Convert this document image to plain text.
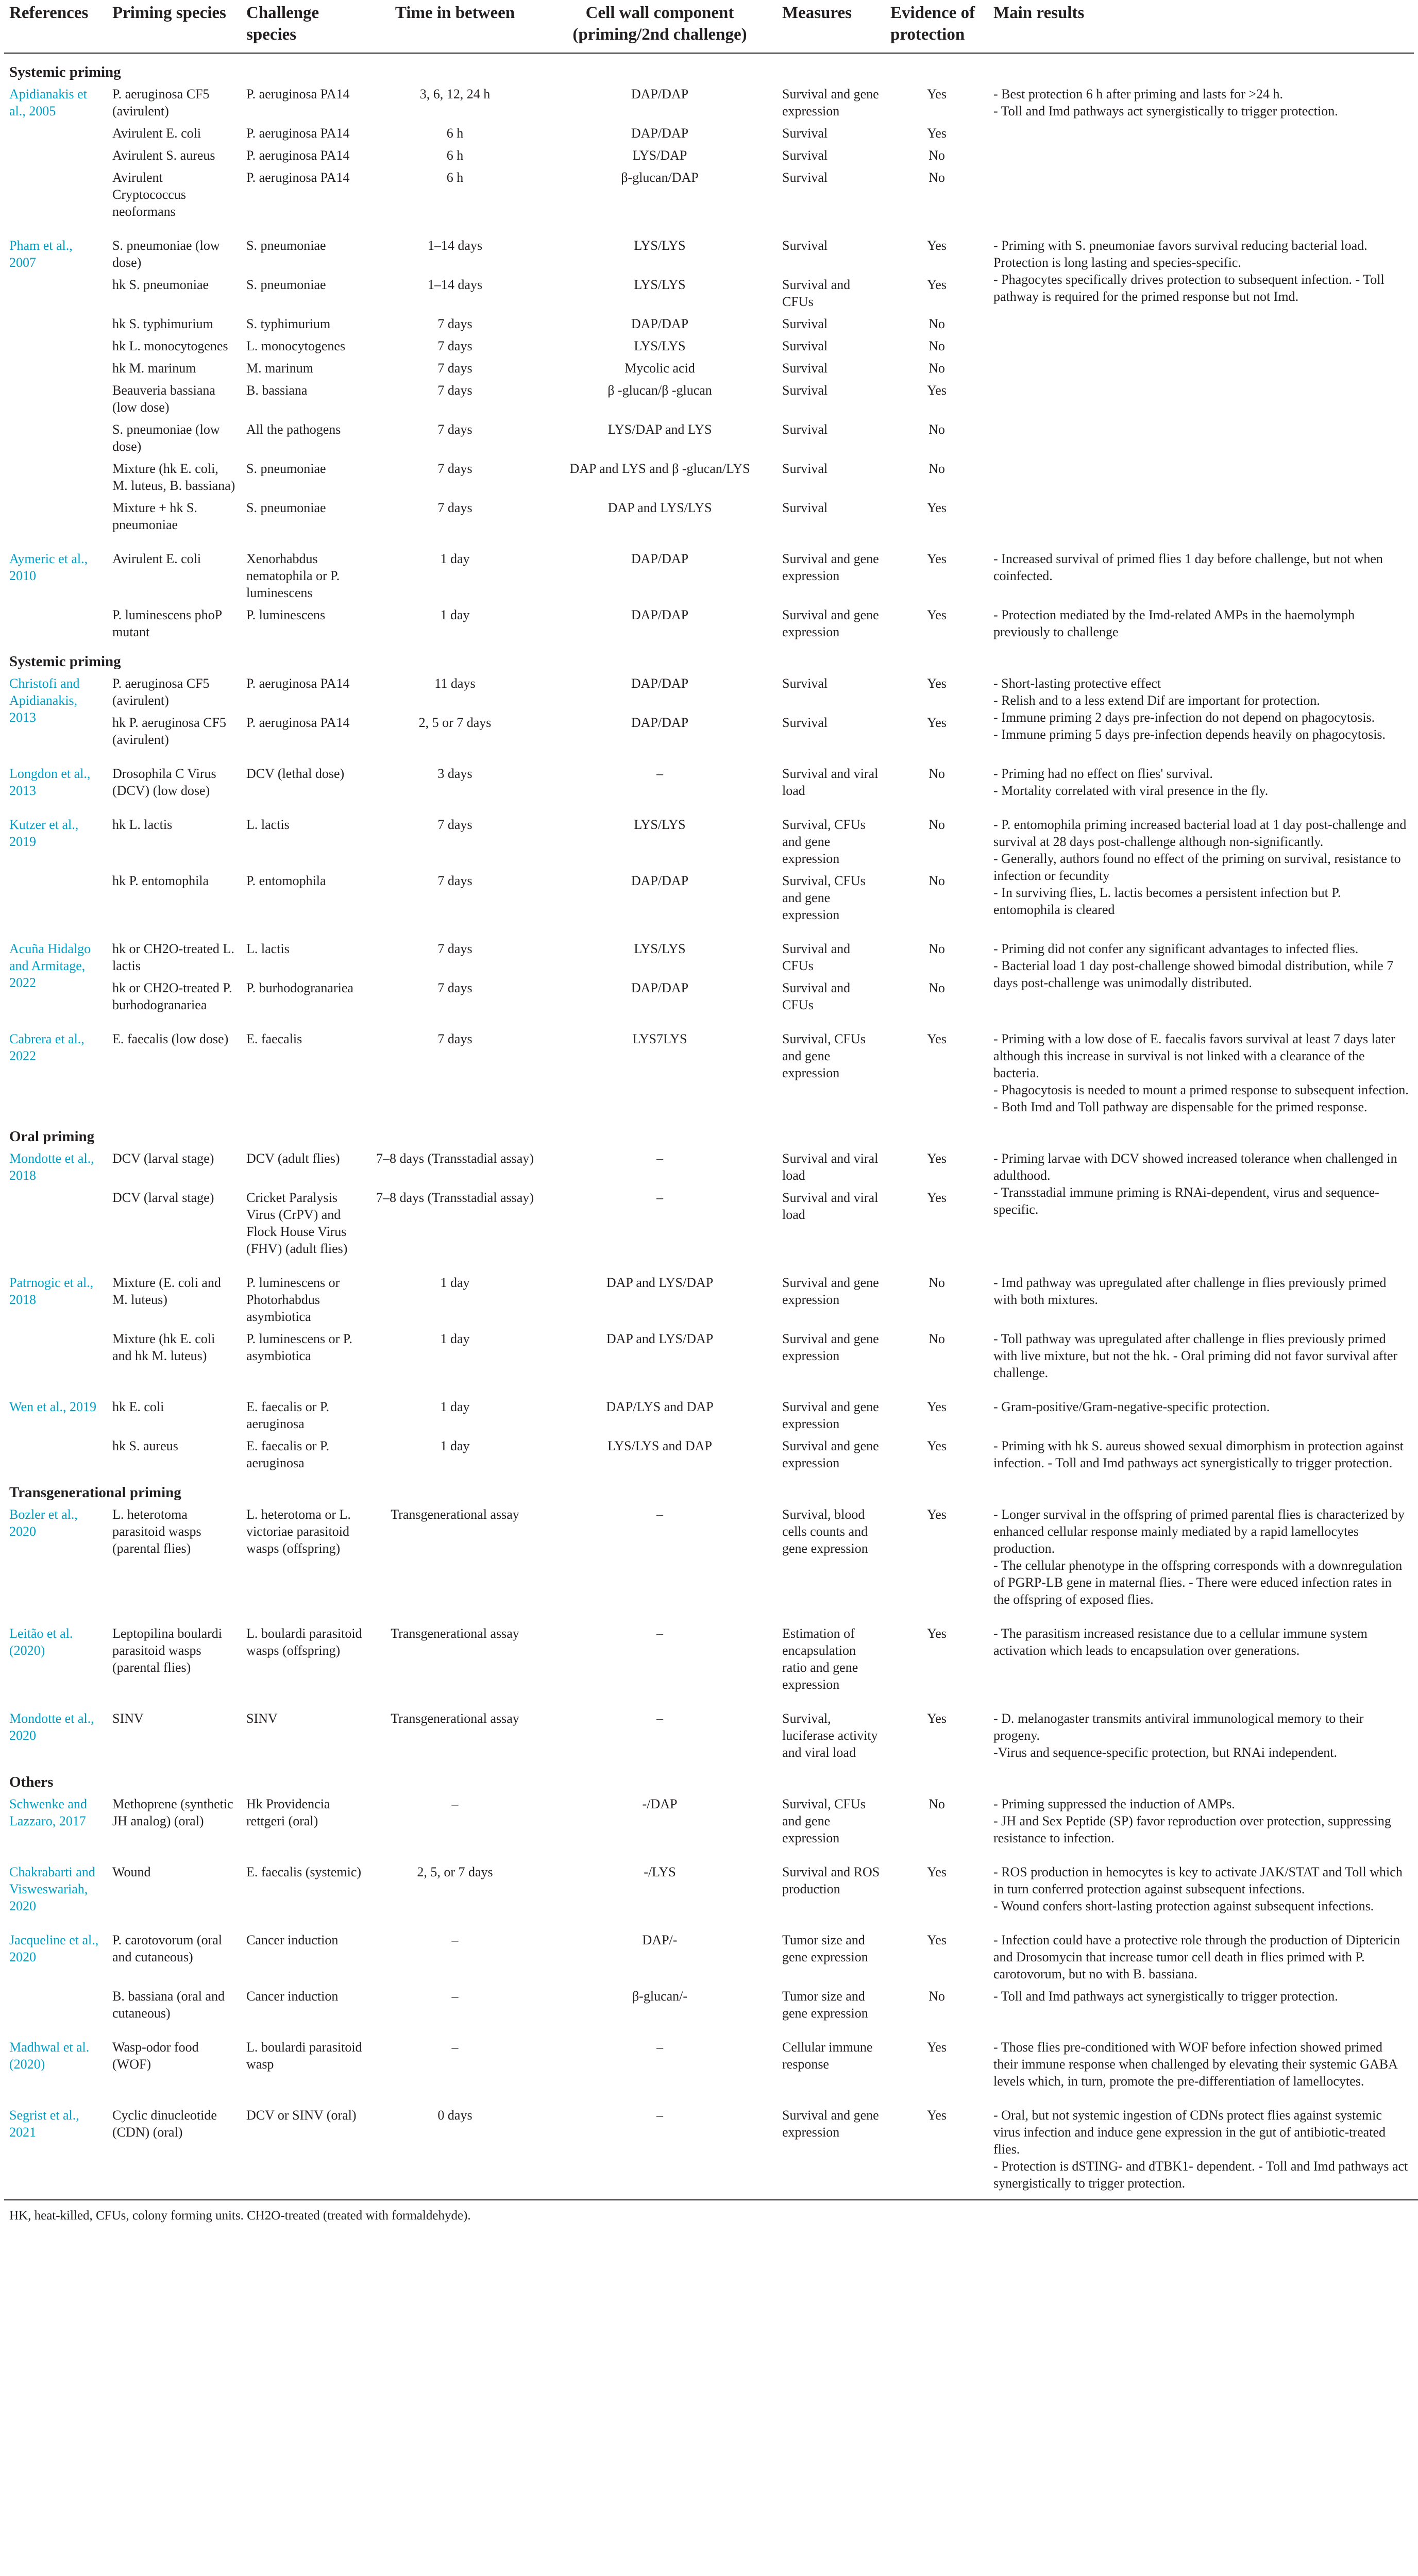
References	Priming species	Challenge species	Time in between	Cell wall component (priming/2nd challenge)	Measures	Evidence of protection	Main results
Systemic priming							
Apidianakis et al., 2005	P. aeruginosa CF5 (avirulent)	P. aeruginosa PA14	3, 6, 12, 24 h	DAP/DAP	Survival and gene expression	Yes	- Best protection 6 h after priming and lasts for >24 h.
- Toll and Imd pathways act synergistically to trigger protection.
	Avirulent E. coli	P. aeruginosa PA14	6 h	DAP/DAP	Survival	Yes	
	Avirulent S. aureus	P. aeruginosa PA14	6 h	LYS/DAP	Survival	No	
	Avirulent Cryptococcus neoformans	P. aeruginosa PA14	6 h	β-glucan/DAP	Survival	No	
Pham et al., 2007	S. pneumoniae (low dose)	S. pneumoniae	1–14 days	LYS/LYS	Survival	Yes	- Priming with S. pneumoniae favors survival reducing bacterial load. Protection is long lasting and species-specific.
- Phagocytes specifically drives protection to subsequent infection. - Toll pathway is required for the primed response but not Imd.
	hk S. pneumoniae	S. pneumoniae	1–14 days	LYS/LYS	Survival and CFUs	Yes	
	hk S. typhimurium	S. typhimurium	7 days	DAP/DAP	Survival	No	
	hk L. monocytogenes	L. monocytogenes	7 days	LYS/LYS	Survival	No	
	hk M. marinum	M. marinum	7 days	Mycolic acid	Survival	No	
	Beauveria bassiana (low dose)	B. bassiana	7 days	β -glucan/β -glucan	Survival	Yes	
	S. pneumoniae (low dose)	All the pathogens	7 days	LYS/DAP and LYS	Survival	No	
	Mixture (hk E. coli, M. luteus, B. bassiana)	S. pneumoniae	7 days	DAP and LYS and β -glucan/LYS	Survival	No	
	Mixture + hk S. pneumoniae	S. pneumoniae	7 days	DAP and LYS/LYS	Survival	Yes	
Aymeric et al., 2010	Avirulent E. coli	Xenorhabdus nematophila or P. luminescens	1 day	DAP/DAP	Survival and gene expression	Yes	- Increased survival of primed flies 1 day before challenge, but not when coinfected.
	P. luminescens phoP mutant	P. luminescens	1 day	DAP/DAP	Survival and gene expression	Yes	- Protection mediated by the Imd-related AMPs in the haemolymph previously to challenge
Systemic priming							
Christofi and Apidianakis, 2013	P. aeruginosa CF5 (avirulent)	P. aeruginosa PA14	11 days	DAP/DAP	Survival	Yes	- Short-lasting protective effect
- Relish and to a less extend Dif are important for protection.
- Immune priming 2 days pre-infection do not depend on phagocytosis.
- Immune priming 5 days pre-infection depends heavily on phagocytosis.
	hk P. aeruginosa CF5 (avirulent)	P. aeruginosa PA14	2, 5 or 7 days	DAP/DAP	Survival	Yes	
Longdon et al., 2013	Drosophila C Virus (DCV) (low dose)	DCV (lethal dose)	3 days	–	Survival and viral load	No	- Priming had no effect on flies' survival.
- Mortality correlated with viral presence in the fly.
Kutzer et al., 2019	hk L. lactis	L. lactis	7 days	LYS/LYS	Survival, CFUs and gene expression	No	- P. entomophila priming increased bacterial load at 1 day post-challenge and survival at 28 days post-challenge although non-significantly.
- Generally, authors found no effect of the priming on survival, resistance to infection or fecundity
- In surviving flies, L. lactis becomes a persistent infection but P. entomophila is cleared
	hk P. entomophila	P. entomophila	7 days	DAP/DAP	Survival, CFUs and gene expression	No	
Acuña Hidalgo and Armitage, 2022	hk or CH2O-treated L. lactis	L. lactis	7 days	LYS/LYS	Survival and CFUs	No	- Priming did not confer any significant advantages to infected flies.
- Bacterial load 1 day post-challenge showed bimodal distribution, while 7 days post-challenge was unimodally distributed.
	hk or CH2O-treated P. burhodogranariea	P. burhodogranariea	7 days	DAP/DAP	Survival and CFUs	No	
Cabrera et al., 2022	E. faecalis (low dose)	E. faecalis	7 days	LYS7LYS	Survival, CFUs and gene expression	Yes	- Priming with a low dose of E. faecalis favors survival at least 7 days later although this increase in survival is not linked with a clearance of the bacteria.
- Phagocytosis is needed to mount a primed response to subsequent infection. - Both Imd and Toll pathway are dispensable for the primed response.
Oral priming							
Mondotte et al., 2018	DCV (larval stage)	DCV (adult flies)	7–8 days (Transstadial assay)	–	Survival and viral load	Yes	- Priming larvae with DCV showed increased tolerance when challenged in adulthood.
- Transstadial immune priming is RNAi-dependent, virus and sequence-specific.
	DCV (larval stage)	Cricket Paralysis Virus (CrPV) and Flock House Virus (FHV) (adult flies)	7–8 days (Transstadial assay)	–	Survival and viral load	Yes	
Patrnogic et al., 2018	Mixture (E. coli and M. luteus)	P. luminescens or Photorhabdus asymbiotica	1 day	DAP and LYS/DAP	Survival and gene expression	No	- Imd pathway was upregulated after challenge in flies previously primed with both mixtures.
	Mixture (hk E. coli and hk M. luteus)	P. luminescens or P. asymbiotica	1 day	DAP and LYS/DAP	Survival and gene expression	No	- Toll pathway was upregulated after challenge in flies previously primed with live mixture, but not the hk. - Oral priming did not favor survival after challenge.
Wen et al., 2019	hk E. coli	E. faecalis or P. aeruginosa	1 day	DAP/LYS and DAP	Survival and gene expression	Yes	- Gram-positive/Gram-negative-specific protection.
	hk S. aureus	E. faecalis or P. aeruginosa	1 day	LYS/LYS and DAP	Survival and gene expression	Yes	- Priming with hk S. aureus showed sexual dimorphism in protection against infection. - Toll and Imd pathways act synergistically to trigger protection.
Transgenerational priming							
Bozler et al., 2020	L. heterotoma parasitoid wasps (parental flies)	L. heterotoma or L. victoriae parasitoid wasps (offspring)	Transgenerational assay	–	Survival, blood cells counts and gene expression	Yes	- Longer survival in the offspring of primed parental flies is characterized by enhanced cellular response mainly mediated by a rapid lamellocytes production.
- The cellular phenotype in the offspring corresponds with a downregulation of PGRP-LB gene in maternal flies. - There were educed infection rates in the offspring of exposed flies.
Leitão et al. (2020)	Leptopilina boulardi parasitoid wasps (parental flies)	L. boulardi parasitoid wasps (offspring)	Transgenerational assay	–	Estimation of encapsulation ratio and gene expression	Yes	- The parasitism increased resistance due to a cellular immune system activation which leads to encapsulation over generations.
Mondotte et al., 2020	SINV	SINV	Transgenerational assay	–	Survival, luciferase activity and viral load	Yes	- D. melanogaster transmits antiviral immunological memory to their progeny.
-Virus and sequence-specific protection, but RNAi independent.
Others							
Schwenke and Lazzaro, 2017	Methoprene (synthetic JH analog) (oral)	Hk Providencia rettgeri (oral)	–	-/DAP	Survival, CFUs and gene expression	No	- Priming suppressed the induction of AMPs.
- JH and Sex Peptide (SP) favor reproduction over protection, suppressing resistance to infection.
Chakrabarti and Visweswariah, 2020	Wound	E. faecalis (systemic)	2, 5, or 7 days	-/LYS	Survival and ROS production	Yes	- ROS production in hemocytes is key to activate JAK/STAT and Toll which in turn conferred protection against subsequent infections.
- Wound confers short-lasting protection against subsequent infections.
Jacqueline et al., 2020	P. carotovorum (oral and cutaneous)	Cancer induction	–	DAP/-	Tumor size and gene expression	Yes	- Infection could have a protective role through the production of Diptericin and Drosomycin that increase tumor cell death in flies primed with P. carotovorum, but no with B. bassiana.
	B. bassiana (oral and cutaneous)	Cancer induction	–	β-glucan/-	Tumor size and gene expression	No	- Toll and Imd pathways act synergistically to trigger protection.
Madhwal et al. (2020)	Wasp-odor food (WOF)	L. boulardi parasitoid wasp	–	–	Cellular immune response	Yes	- Those flies pre-conditioned with WOF before infection showed primed their immune response when challenged by elevating their systemic GABA levels which, in turn, promote the pre-differentiation of lamellocytes.
Segrist et al., 2021	Cyclic dinucleotide (CDN) (oral)	DCV or SINV (oral)	0 days	–	Survival and gene expression	Yes	- Oral, but not systemic ingestion of CDNs protect flies against systemic virus infection and induce gene expression in the gut of antibiotic-treated flies.
- Protection is dSTING- and dTBK1- dependent. - Toll and Imd pathways act synergistically to trigger protection.
HK, heat-killed, CFUs, colony forming units. CH2O-treated (treated with formaldehyde).
